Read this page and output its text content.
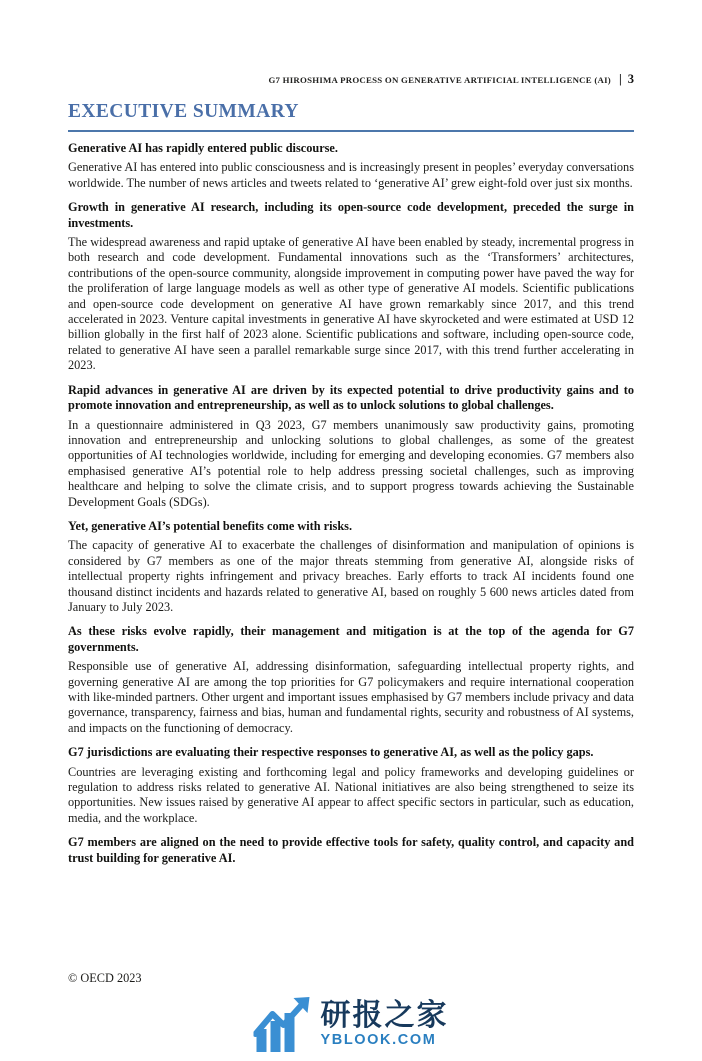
G7 HIROSHIMA PROCESS ON GENERATIVE ARTIFICIAL INTELLIGENCE (AI) | 3
EXECUTIVE SUMMARY
Generative AI has rapidly entered public discourse.

Generative AI has entered into public consciousness and is increasingly present in peoples’ everyday conversations worldwide. The number of news articles and tweets related to ‘generative AI’ grew eight-fold over just six months.

Growth in generative AI research, including its open-source code development, preceded the surge in investments.

The widespread awareness and rapid uptake of generative AI have been enabled by steady, incremental progress in both research and code development. Fundamental innovations such as the ‘Transformers’ architectures, contributions of the open-source community, alongside improvement in computing power have paved the way for the proliferation of large language models as well as other type of generative AI models. Scientific publications and open-source code development on generative AI have grown remarkably since 2017, and this trend accelerated in 2023. Venture capital investments in generative AI have skyrocketed and were estimated at USD 12 billion globally in the first half of 2023 alone. Scientific publications and software, including open-source code, related to generative AI have seen a parallel remarkable surge since 2017, with this trend further accelerating in 2023.

Rapid advances in generative AI are driven by its expected potential to drive productivity gains and to promote innovation and entrepreneurship, as well as to unlock solutions to global challenges.

In a questionnaire administered in Q3 2023, G7 members unanimously saw productivity gains, promoting innovation and entrepreneurship and unlocking solutions to global challenges, as some of the greatest opportunities of AI technologies worldwide, including for emerging and developing economies. G7 members also emphasised generative AI’s potential role to help address pressing societal challenges, such as improving healthcare and helping to solve the climate crisis, and to support progress towards achieving the Sustainable Development Goals (SDGs).

Yet, generative AI’s potential benefits come with risks.

The capacity of generative AI to exacerbate the challenges of disinformation and manipulation of opinions is considered by G7 members as one of the major threats stemming from generative AI, alongside risks of intellectual property rights infringement and privacy breaches. Early efforts to track AI incidents found one thousand distinct incidents and hazards related to generative AI, based on roughly 5 600 news articles dated from January to July 2023.

As these risks evolve rapidly, their management and mitigation is at the top of the agenda for G7 governments.

Responsible use of generative AI, addressing disinformation, safeguarding intellectual property rights, and governing generative AI are among the top priorities for G7 policymakers and require international cooperation with like-minded partners. Other urgent and important issues emphasised by G7 members include privacy and data governance, transparency, fairness and bias, human and fundamental rights, security and robustness of AI systems, and impacts on the functioning of democracy.

G7 jurisdictions are evaluating their respective responses to generative AI, as well as the policy gaps.

Countries are leveraging existing and forthcoming legal and policy frameworks and developing guidelines or regulation to address risks related to generative AI. National initiatives are also being strengthened to seize its opportunities. New issues raised by generative AI appear to affect specific sectors in particular, such as education, media, and the workplace.

G7 members are aligned on the need to provide effective tools for safety, quality control, and capacity and trust building for generative AI.
© OECD 2023
研报之家
YBLOOK.COM
